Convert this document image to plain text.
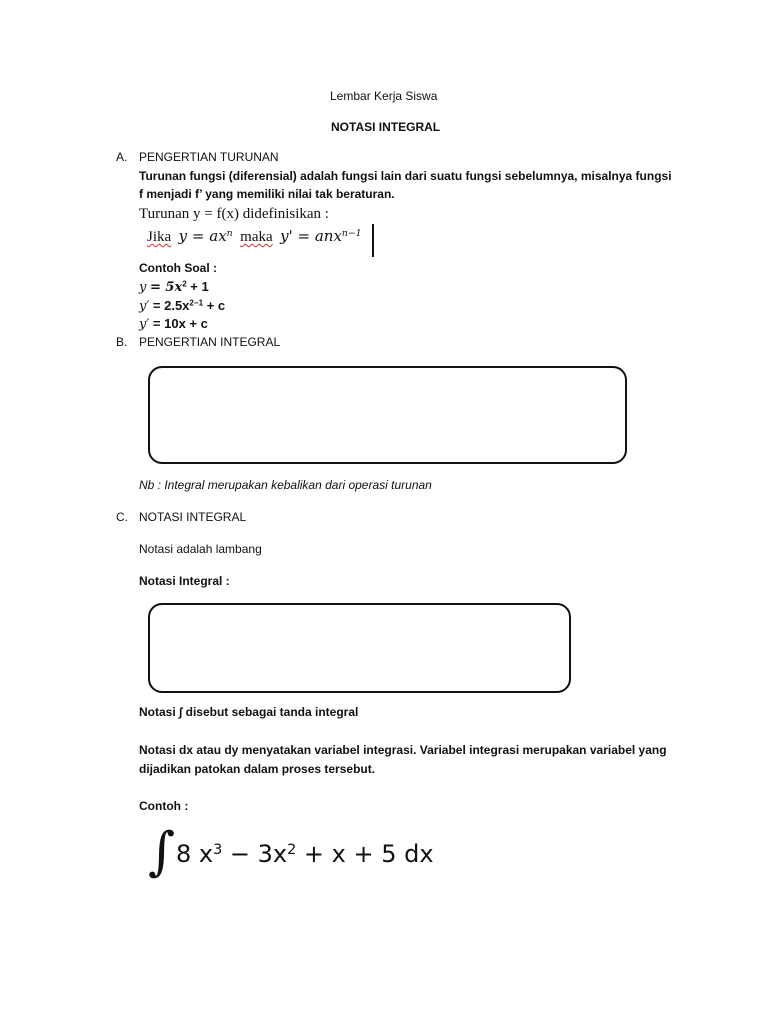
Lembar Kerja Siswa
NOTASI INTEGRAL
A. PENGERTIAN TURUNAN
Turunan fungsi (diferensial) adalah fungsi lain dari suatu fungsi sebelumnya, misalnya fungsi
f menjadi f’ yang memiliki nilai tak beraturan.
Turunan y = f(x) didefinisikan :
Jika $y = ax^n$ maka y' = anx$^{n-1}$
Contoh Soal :
$y = 5x^2 + 1$
$y' = 2.5x^{2-1} + c$
y′ = 10x + c
B. PENGERTIAN INTEGRAL
Nb : Integral merupakan kebalikan dari operasi turunan
C. NOTASI INTEGRAL
Notasi adalah lambang
Notasi Integral :
Notasi ∫ disebut sebagai tanda integral
Notasi dx atau dy menyatakan variabel integrasi. Variabel integrasi merupakan variabel yang
dijadikan patokan dalam proses tersebut.
Contoh :
∫ 8 $x^3 - 3x^2 + x + 5$ dx
